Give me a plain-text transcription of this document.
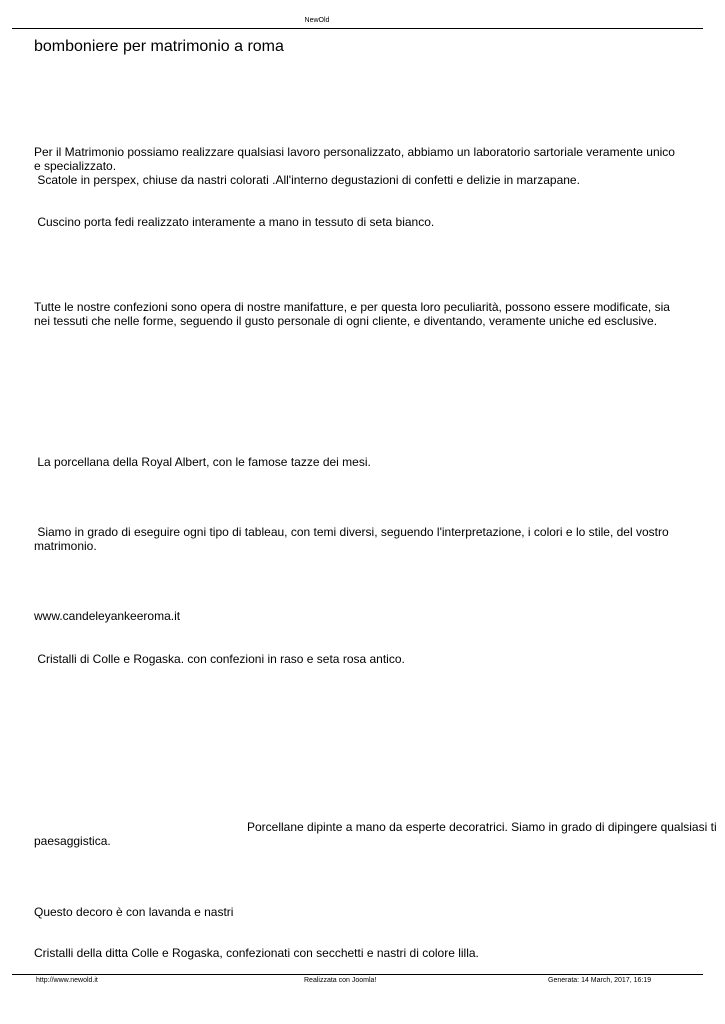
NewOld
bomboniere per matrimonio a roma

Per il Matrimonio possiamo realizzare qualsiasi lavoro personalizzato, abbiamo un laboratorio sartoriale veramente unico
e specializzato.
Scatole in perspex, chiuse da nastri colorati .All'interno degustazioni di confetti e delizie in marzapane.

Cuscino porta fedi realizzato interamente a mano in tessuto di seta bianco.

Tutte le nostre confezioni sono opera di nostre manifatture, e per questa loro peculiarità, possono essere modificate, sia
nei tessuti che nelle forme, seguendo il gusto personale di ogni cliente, e diventando, veramente uniche ed esclusive.

La porcellana della Royal Albert, con le famose tazze dei mesi.

Siamo in grado di eseguire ogni tipo di tableau, con temi diversi, seguendo l'interpretazione, i colori e lo stile, del vostro
matrimonio.

www.candeleyankeeroma.it

Cristalli di Colle e Rogaska. con confezioni in raso e seta rosa antico.

Porcellane dipinte a mano da esperte decoratrici. Siamo in grado di dipingere qualsiasi ti
paesaggistica.

Questo decoro è con lavanda e nastri

Cristalli della ditta Colle e Rogaska, confezionati con secchetti e nastri di colore lilla.

http://www.newold.it	Realizzata con Joomla!	Generata: 14 March, 2017, 16:19
